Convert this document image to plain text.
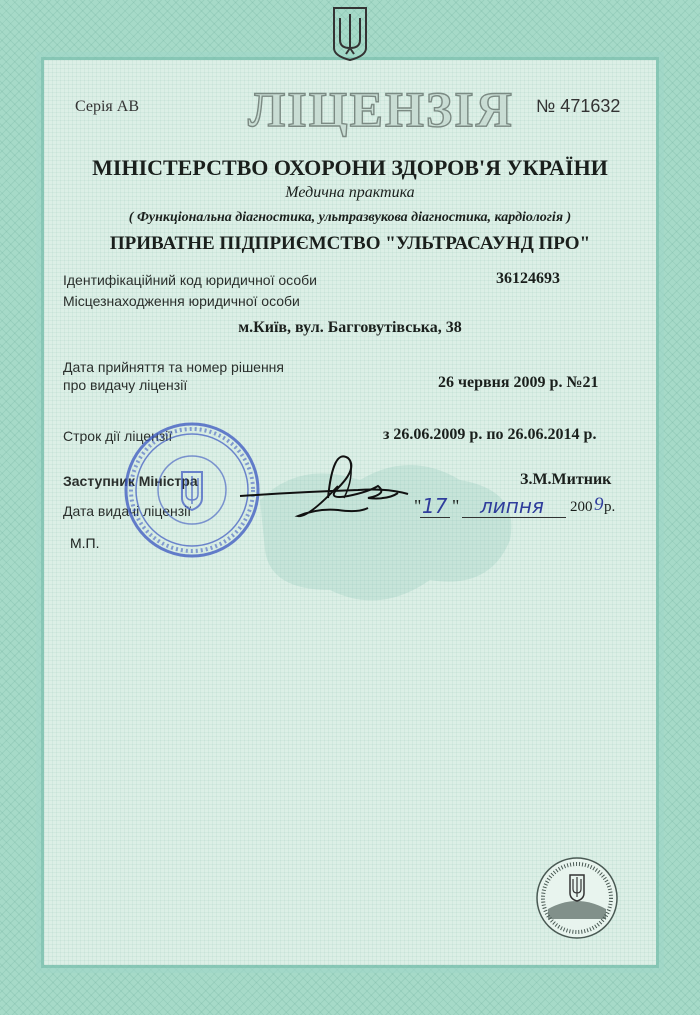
Серія АВ ЛІЦЕНЗІЯ № 471632
МІНІСТЕРСТВО ОХОРОНИ ЗДОРОВ'Я УКРАЇНИ
Медична практика
( Функціональна діагностика, ультразвукова діагностика, кардіологія )
ПРИВАТНЕ ПІДПРИЄМСТВО "УЛЬТРАСАУНД ПРО"
Ідентифікаційний код юридичної особи	36124693
Місцезнаходження юридичної особи
м.Київ, вул. Багговутівська, 38
Дата прийняття та номер рішення
про видачу ліцензії	26 червня 2009 р. №21
Строк дії ліцензії	з 26.06.2009 р. по 26.06.2014 р.
Заступник Міністра	З.М.Митник
Дата видачі ліцензії	" 17 " липня 200 9 р.
М.П.
